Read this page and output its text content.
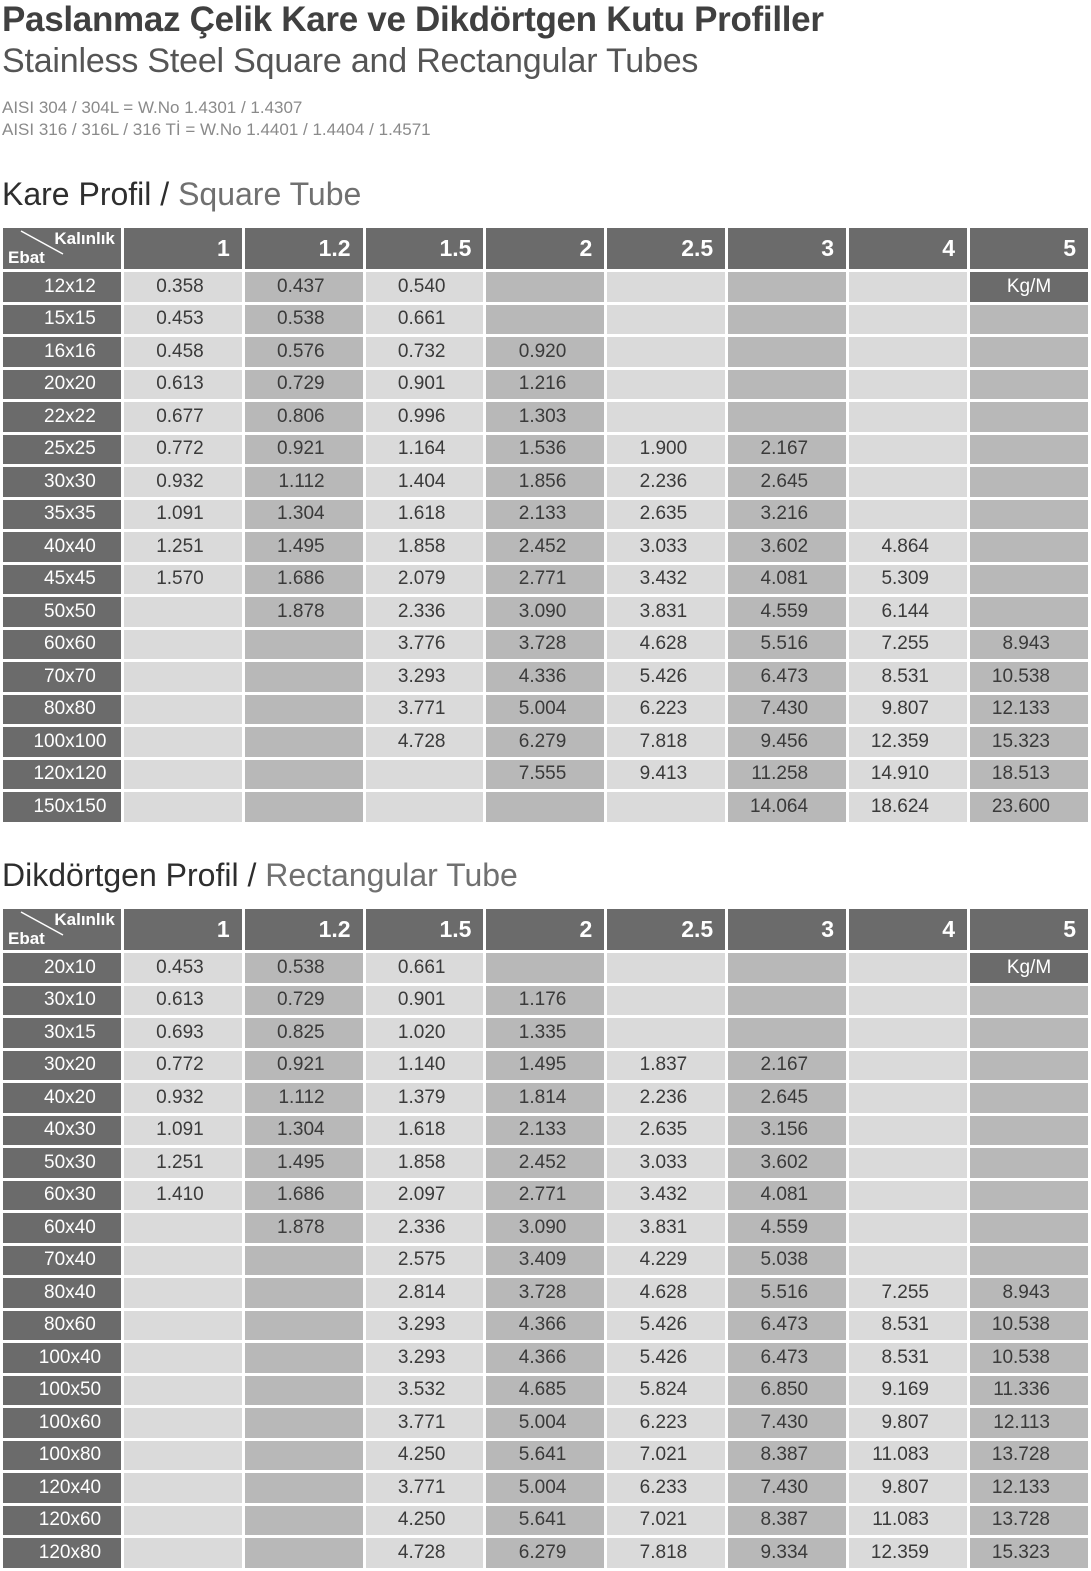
Paslanmaz Çelik Kare ve Dikdörtgen Kutu Profiller
Stainless Steel Square and Rectangular Tubes
AISI 304 / 304L = W.No 1.4301 / 1.4307
AISI 316 / 316L / 316 Tİ = W.No 1.4401 / 1.4404 / 1.4571
Kare Profil / Square Tube
Kalınlık
Ebat	1	1.2	1.5	2	2.5	3	4	5
12x12	0.358	0.437	0.540					Kg/M
15x15	0.453	0.538	0.661					
16x16	0.458	0.576	0.732	0.920				
20x20	0.613	0.729	0.901	1.216				
22x22	0.677	0.806	0.996	1.303				
25x25	0.772	0.921	1.164	1.536	1.900	2.167		
30x30	0.932	1.112	1.404	1.856	2.236	2.645		
35x35	1.091	1.304	1.618	2.133	2.635	3.216		
40x40	1.251	1.495	1.858	2.452	3.033	3.602	4.864	
45x45	1.570	1.686	2.079	2.771	3.432	4.081	5.309	
50x50		1.878	2.336	3.090	3.831	4.559	6.144	
60x60			3.776	3.728	4.628	5.516	7.255	8.943
70x70			3.293	4.336	5.426	6.473	8.531	10.538
80x80			3.771	5.004	6.223	7.430	9.807	12.133
100x100			4.728	6.279	7.818	9.456	12.359	15.323
120x120				7.555	9.413	11.258	14.910	18.513
150x150						14.064	18.624	23.600
Dikdörtgen Profil / Rectangular Tube
Kalınlık
Ebat	1	1.2	1.5	2	2.5	3	4	5
20x10	0.453	0.538	0.661					Kg/M
30x10	0.613	0.729	0.901	1.176				
30x15	0.693	0.825	1.020	1.335				
30x20	0.772	0.921	1.140	1.495	1.837	2.167		
40x20	0.932	1.112	1.379	1.814	2.236	2.645		
40x30	1.091	1.304	1.618	2.133	2.635	3.156		
50x30	1.251	1.495	1.858	2.452	3.033	3.602		
60x30	1.410	1.686	2.097	2.771	3.432	4.081		
60x40		1.878	2.336	3.090	3.831	4.559		
70x40			2.575	3.409	4.229	5.038		
80x40			2.814	3.728	4.628	5.516	7.255	8.943
80x60			3.293	4.366	5.426	6.473	8.531	10.538
100x40			3.293	4.366	5.426	6.473	8.531	10.538
100x50			3.532	4.685	5.824	6.850	9.169	11.336
100x60			3.771	5.004	6.223	7.430	9.807	12.113
100x80			4.250	5.641	7.021	8.387	11.083	13.728
120x40			3.771	5.004	6.233	7.430	9.807	12.133
120x60			4.250	5.641	7.021	8.387	11.083	13.728
120x80			4.728	6.279	7.818	9.334	12.359	15.323
